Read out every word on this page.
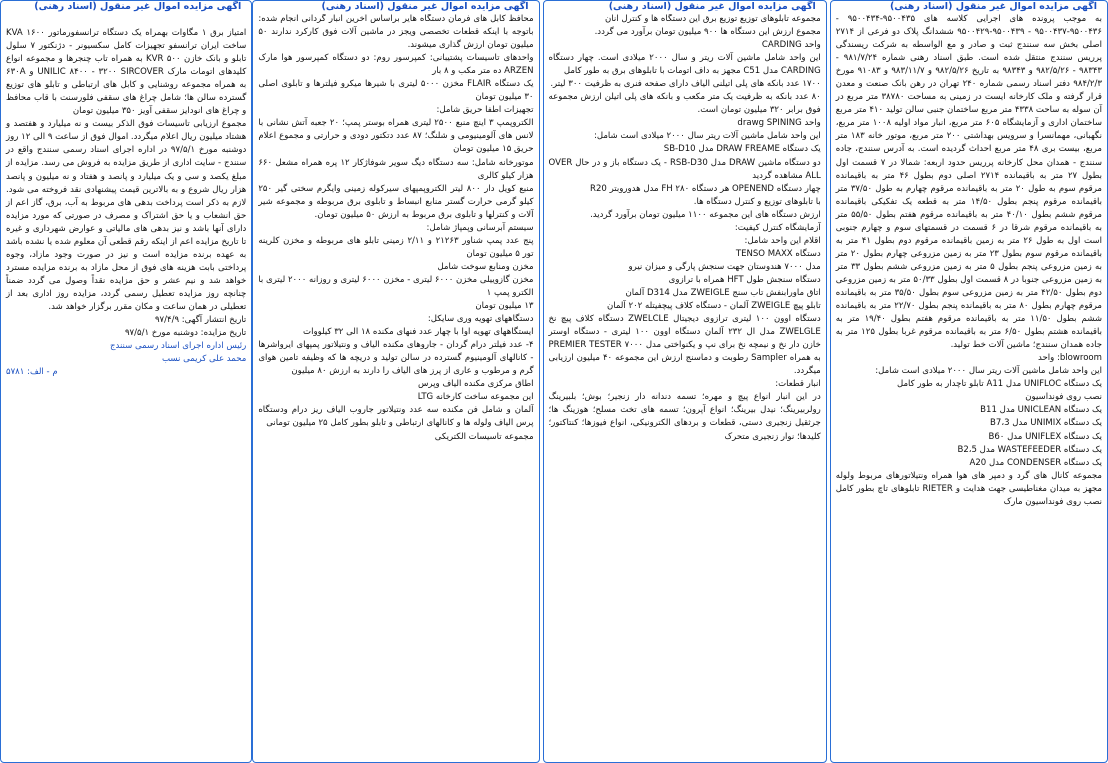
آگهی مزایده اموال غیر منقول (اسناد رهنی)
به موجب پرونده های اجرایی کلاسه های ۹۵۰۰۴۳۵-۹۵۰۰۴۳۴ - ۹۵۰۰۴۳۶-۹۵۰۰۴۳۷ - ۹۵۰۰۴۳۹-۹۵۰۰۴۲۹ ششدانگ پلاک دو فرعی از ۲۷۱۴ اصلی بخش سه سنندج ثبت و صادر و مع الواسطه به شرکت ریسندگی پرریس سنندج منتقل شده است. طبق اسناد رهنی شماره ۹۸۱/۷/۲۴ - ۹۸۳۴۳ - ۹۸۲/۵/۲۶ و ۹۸۳۴۳ به تاریخ ۹۸۲/۵/۲۶ و ۹۸۳/۱۱/۷ و ۹۱۰۸۳ مورخ ۹۸۴/۲/۳ دفتر اسناد رسمی شماره ۲۴۰ تهران در رهن بانک صنعت و معدن قرار گرفته و ملک کارخانه ایست در زمینی به مساحت ۳۸۷۸۰ متر مربع در آن سوله به ساحت ۴۳۳۸ متر مربع ساختمان جنبی سالن تولید ۴۱۰ متر مربع ساختمان اداری و آزمایشگاه ۶۰۵ متر مربع، انبار مواد اولیه ۱۰۰۸ متر مربع، نگهبانی، مهمانسرا و سرویس بهداشتی ۲۰۰ متر مربع، موتور خانه ۱۸۳ متر مربع، بیست بری ۴۸ متر مربع احداث گردیده است. به آدرس سنندج، جاده سنندج - همدان محل کارخانه پرریس حدود اربعه: شمالا در ۷ قسمت اول بطول ۲۷ متر به باقیمانده ۲۷۱۴ اصلی دوم بطول ۴۶ متر به باقیمانده مرقوم سوم به طول ۲۰ متر به باقیمانده مرقوم چهارم به طول ۳۷/۵۰ متر باقیمانده مرقوم پنجم بطول ۱۴/۵۰ متر به قطعه یک تفکیکی باقیمانده مرقوم ششم بطول ۴۰/۱۰ متر به باقیمانده مرقوم هفتم بطول ۵۵/۵۰ متر به باقیمانده مرقوم شرقا در ۶ قسمت در قسمتهای سوم و چهارم جنوبی است اول به طول ۲۶ متر به زمین باقیمانده مرقوم دوم بطول ۴۱ متر به باقیمانده مرقوم سوم بطول ۲۳ متر به زمین مزروعی چهارم بطول ۲۰ متر به زمین مزروعی پنجم بطول ۵ متر به زمین مزروعی ششم بطول ۳۳ متر به زمین مزروعی جنوبا در ۸ قسمت اول بطول ۵۰/۳۳ متر به زمین مزروعی دوم بطول ۴۲/۵۰ متر به زمین مزروعی سوم بطول ۳۵/۵۰ متر به باقیمانده مرقوم چهارم بطول ۸۰ متر به باقیمانده پنجم بطول ۲۲/۷۰ متر به باقیمانده ششم بطول ۱۱/۵۰ متر به باقیمانده مرقوم هفتم بطول ۱۹/۴۰ متر به باقیمانده هشتم بطول ۶/۵۰ متر به باقیمانده مرقوم غربا بطول ۱۲۵ متر به جاده همدان سنندج؛ ماشین آلات خط تولید.
blowroom: واحد
این واحد شامل ماشین آلات ریتر سال ۲۰۰۰ میلادی است شامل:
یک دستگاه UNIFLOC مدل A11 تابلو تاچدار به طور کامل
نصب روی فونداسیون
یک دستگاه UNICLEAN مدل B11
یک دستگاه UNIMIX مدل B7،3
یک دستگاه UNIFLEX مدل B6۰
یک دستگاه WASTEFEEDER مدل B2،5
یک دستگاه CONDENSER مدل A20
مجموعه کانال های گرد و دمپر های هوا همراه ونتیلاتورهای مربوط ولوله مجهز به میدان مغناطیسی جهت هدایت و RIETER تابلوهای تاچ بطور کامل نصب روی فونداسیون مارک
آگهی مزایده اموال غیر منقول (اسناد رهنی)
مجموعه تابلوهای توزیع توزیع برق این دستگاه ها و کنترل آنان
مجموع ارزش این دستگاه ها ۹۰۰ میلیون تومان برآورد می گردد.
واحد CARDING
این واحد شامل ماشین آلات ریتر و سال ۲۰۰۰ میلادی است. چهار دستگاه CARDING مدل C51 مجهز به داف اتومات با تابلوهای برق به طور کامل
۱۷۰۰ عدد بانکه های پلی اتیلنی الیاف دارای صفحه فنری به ظرفیت ۳۰۰ لیتر.
۸۰ عدد بانکه به ظرفیت یک متر مکعب و بانکه های پلی اتیلن ارزش مجموعه فوق برابر ۳۲۰ میلیون تومان است.
واحد drawg SPINING
این واحد شامل ماشین آلات ریتر سال ۲۰۰۰ میلادی است شامل:
یک دستگاه DRAW FREAME مدل SB-D10
دو دستگاه ماشین DRAW مدل RSB-D30 - یک دستگاه باز و در حال OVER ALL مشاهده گردید
چهار دستگاه OPENEND هر دستگاه FH ۲۸۰ مدل هدوروبتر R20
با تابلوهای توزیع و کنترل دستگاه ها.
ارزش دستگاه های این مجموعه ۱۱۰۰ میلیون تومان برآورد گردید.
آزمایشگاه کنترل کیفیت:
اقلام این واحد شامل:
دستگاه TENSO MAXX
مدل ۷۰۰۰ هندوستان جهت سنجش پارگی و میزان نیرو
دستگاه سنجش طول HFT همراه با ترازوی
اتاق ماورابنفش تاب سنج ZWEIGLE مدل D314 آلمان
تابلو پیچ ZWEIGLE آلمان - دستگاه کلاف پیچفیتله ۲۰۲ آلمان
دستگاه اوون ۱۰۰ لیتری ترازوی دیجیتال ZWELCLE دستگاه کلاف پیچ نخ ZWELGLE مدل ال ۲۳۲ آلمان دستگاه اوون ۱۰۰ لیتری - دستگاه اوستر خازن دار نخ و نیمچه نخ برای نپ و یکنواختی مدل ۷۰۰۰ PREMIER TESTER به همراه Sampler رطوبت و دماسنج ارزش این مجموعه ۴۰ میلیون ارزیابی میگردد.
انبار قطعات:
در این انبار انواع پیچ و مهره؛ تسمه دندانه دار زنجیر؛ بوش؛ بلبیرینگ رولربیرینگ؛ نیدل بیرینگ؛ انواع آپرون؛ تسمه های تخت مسلح؛ هوزینگ ها؛ جرثقیل زنجیری دستی، قطعات و بردهای الکترونیکی، انواع فیوزها؛ کنتاکتور؛ کلیدها؛ نوار زنجیری متحرک
آگهی مزایده اموال غیر منقول (اسناد رهنی)
محافظ کابل های فرمان دستگاه هایر براساس آخرین انبار گردانی انجام شده: باتوجه با اینکه قطعات تخصصی ویجز در ماشین آلات فوق کارکرد ندارند ۵۰ میلیون تومان ارزش گذاری میشوند.
واحدهای تاسیسات پشتیبانی: کمپرسور روم: دو دستگاه کمپرسور هوا مارک ARZEN ده متر مکب و ۸ بار
یک دستگاه FLAIR مخزن ۵۰۰۰ لیتری با شیرها میکرو فیلترها و تابلوی اصلی ۳۰ میلیون تومان
تجهیزات اطفا حریق شامل:
الکتروپمپ ۳ اینچ منبع ۲۵۰۰ لیتری همراه بوستر پمپ؛ ۲۰ جعبه آتش نشانی با لانس های آلومینیومی و شلنگ؛ ۸۷ عدد دتکتور دودی و حرارتی و مجموع اعلام حریق ۱۵ میلیون تومان
موتورخانه شامل: سه دستگاه دیگ سویر شوفاژکار ۱۲ پره همراه مشعل ۶۶۰ هزار کیلو کالری
منبع کویل دار ۸۰۰ لیتر الکتروپمپهای سیرکوله زمینی وایگرم سختی گیر ۲۵۰ کیلو گرمی حرارت گستر منابع انبساط و تابلوی برق مربوطه و مجموعه شیر آلات و کنترلها و تابلوی برق مربوط به ارزش ۵۰ میلیون تومان.
سیستم آبرسانی وپمپاژ شامل:
پنج عدد پمپ شناور ۲۱۲۶۳ و ۲/۱۱ زمینی تابلو های مربوطه و مخزن کلرینه تور ۵ میلیون تومان
مخزن ومنابع سوخت شامل
مخزن گازوییلی مخزن ۶۰۰۰ لیتری - مخزن ۶۰۰۰ لیتری و روزانه ۲۰۰۰ لیتری با الکترو پمپ ۱
۱۳ میلیون تومان
دستگاههای تهویه وری سایکل:
ایستگاههای تهویه اوا با چهار عدد فنهای مکنده ۱۸ الی ۳۲ کیلووات
۴- عدد فیلتر درام گردان - جاروهای مکنده الیاف و ونتیلاتور پمپهای ایرواشرها - کانالهای آلومینیوم گسترده در سالن تولید و دریچه ها که وظیفه تامین هوای گرم و مرطوب و عاری از پرز های الیاف را دارند به ارزش ۸۰ میلیون
اطاق مرکزی مکنده الیاف وپرس
این مجموعه ساخت کارخانه LTG
آلمان و شامل فن مکنده سه عدد ونتیلاتور جاروب الیاف ریز درام ودستگاه پرس الیاف ولوله ها و کانالهای ارتباطی و تابلو بطور کامل ۲۵ میلیون تومانی
مجموعه تاسیسات الکتریکی
آگهی مزایده اموال غیر منقول (اسناد رهنی)
امتیاز برق ۱ مگاوات بهمراه یک دستگاه ترانسفورماتور ۱۶۰۰ KVA ساخت ایران ترانسفو تجهیزات کامل سکسیونر - دژنکتور ۷ سلول تابلو و بانک خازن ۵۰۰ KVR به همراه تاب چنجرها و مجموعه انواع کلیدهای اتومات مارک UNILIC ۸۴۰۰ - ۳۲۰۰ SIRCOVER و ۶۳۰A به همراه مجموعه روشنایی و کابل های ارتباطی و تابلو های توزیع گسترده سالن ها؛ شامل چراغ های سقفی فلورسنت با قاب محافظ و چراغ های انودایز سقفی آویز ۳۵۰ میلیون تومان
مجموع ارزیابی تاسیسات فوق الذکر بیست و نه میلیارد و هفتصد و هشتاد میلیون ریال اعلام میگردد. اموال فوق از ساعت ۹ الی ۱۲ روز دوشنبه مورخ ۹۷/۵/۱ در اداره اجرای اسناد رسمی سنندج واقع در سنندج - سایت اداری از طریق مزایده به فروش می رسد. مزایده از مبلغ یکصد و سی و یک میلیارد و پانصد و هفتاد و نه میلیون و پانصد هزار ریال شروع و به بالاترین قیمت پیشنهادی نقد فروخته می شود. لازم به ذکر است پرداخت بدهی های مربوط به آب، برق، گاز اعم از حق انشعاب و یا حق اشتراک و مصرف در صورتی که مورد مزایده دارای آنها باشد و نیز بدهی های مالیاتی و عوارض شهرداری و غیره تا تاریخ مزایده اعم از اینکه رقم قطعی آن معلوم شده یا نشده باشد به عهده برنده مزایده است و نیز در صورت وجود مازاد، وجوه پرداختی بابت هزینه های فوق از محل مازاد به برنده مزایده مسترد خواهد شد و نیم عشر و حق مزایده نقداً وصول می گردد ضمناً چنانچه روز مزایده تعطیل رسمی گردد، مزایده روز اداری بعد از تعطیلی در همان ساعت و مکان مقرر برگزار خواهد شد.
تاریخ انتشار آگهی: ۹۷/۴/۹
تاریخ مزایده: دوشنبه مورخ ۹۷/۵/۱
رئیس اداره اجرای اسناد رسمی سنندج
محمد علی کریمی نسب
م - الف: ۵۷۸۱
